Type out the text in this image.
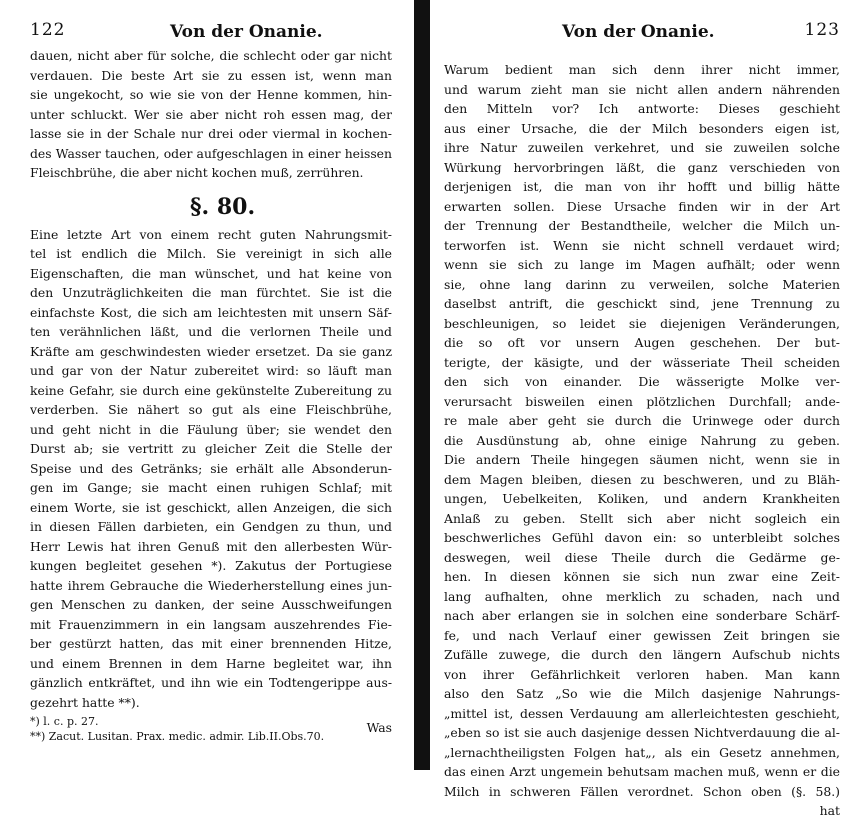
122	Von der Onanie.
dauen, nicht aber für solche, die schlecht oder gar nicht
verdauen. Die beste Art sie zu essen ist, wenn man
sie ungekocht, so wie sie von der Henne kommen, hin-
unter schluckt. Wer sie aber nicht roh essen mag, der
lasse sie in der Schale nur drei oder viermal in kochen-
des Wasser tauchen, oder aufgeschlagen in einer heissen
Fleischbrühe, die aber nicht kochen muß, zerrühren.
§. 80.
Eine letzte Art von einem recht guten Nahrungsmit-
tel ist endlich die Milch. Sie vereinigt in sich alle
Eigenschaften, die man wünschet, und hat keine von
den Unzuträglichkeiten die man fürchtet. Sie ist die
einfachste Kost, die sich am leichtesten mit unsern Säf-
ten verähnlichen läßt, und die verlornen Theile und
Kräfte am geschwindesten wieder ersetzet. Da sie ganz
und gar von der Natur zubereitet wird: so läuft man
keine Gefahr, sie durch eine gekünstelte Zubereitung zu
verderben. Sie nähert so gut als eine Fleischbrühe,
und geht nicht in die Fäulung über; sie wendet den
Durst ab; sie vertritt zu gleicher Zeit die Stelle der
Speise und des Getränks; sie erhält alle Absonderun-
gen im Gange; sie macht einen ruhigen Schlaf; mit
einem Worte, sie ist geschickt, allen Anzeigen, die sich
in diesen Fällen darbieten, ein Gendgen zu thun, und
Herr Lewis hat ihren Genuß mit den allerbesten Wür-
kungen begleitet gesehen *). Zakutus der Portugiese
hatte ihrem Gebrauche die Wiederherstellung eines jun-
gen Menschen zu danken, der seine Ausschweifungen
mit Frauenzimmern in ein langsam auszehrendes Fie-
ber gestürzt hatten, das mit einer brennenden Hitze,
und einem Brennen in dem Harne begleitet war, ihn
gänzlich entkräftet, und ihn wie ein Todtengerippe aus-
gezehrt hatte **).
Was
*) l. c. p. 27.
**) Zacut. Lusitan. Prax. medic. admir. Lib.II.Obs.70.
Von der Onanie.	123
Warum bedient man sich denn ihrer nicht immer,
und warum zieht man sie nicht allen andern nährenden
den Mitteln vor? Ich antworte: Dieses geschieht
aus einer Ursache, die der Milch besonders eigen ist,
ihre Natur zuweilen verkehret, und sie zuweilen solche
Würkung hervorbringen läßt, die ganz verschieden von
derjenigen ist, die man von ihr hofft und billig hätte
erwarten sollen. Diese Ursache finden wir in der Art
der Trennung der Bestandtheile, welcher die Milch un-
terworfen ist. Wenn sie nicht schnell verdauet wird;
wenn sie sich zu lange im Magen aufhält; oder wenn
sie, ohne lang darinn zu verweilen, solche Materien
daselbst antrift, die geschickt sind, jene Trennung zu
beschleunigen, so leidet sie diejenigen Veränderungen,
die so oft vor unsern Augen geschehen. Der but-
terigte, der käsigte, und der wässeriate Theil scheiden
den sich von einander. Die wässerigte Molke ver-
verursacht bisweilen einen plötzlichen Durchfall; ande-
re male aber geht sie durch die Urinwege oder durch
die Ausdünstung ab, ohne einige Nahrung zu geben.
Die andern Theile hingegen säumen nicht, wenn sie in
dem Magen bleiben, diesen zu beschweren, und zu Bläh-
ungen, Uebelkeiten, Koliken, und andern Krankheiten
Anlaß zu geben. Stellt sich aber nicht sogleich ein
beschwerliches Gefühl davon ein: so unterbleibt solches
deswegen, weil diese Theile durch die Gedärme ge-
hen. In diesen können sie sich nun zwar eine Zeit-
lang aufhalten, ohne merklich zu schaden, nach und
nach aber erlangen sie in solchen eine sonderbare Schärf-
fe, und nach Verlauf einer gewissen Zeit bringen sie
Zufälle zuwege, die durch den längern Aufschub nichts
von ihrer Gefährlichkeit verloren haben. Man kann
also den Satz „So wie die Milch dasjenige Nahrungs-
„mittel ist, dessen Verdauung am allerleichtesten geschieht,
„eben so ist sie auch dasjenige dessen Nichtverdauung die al-
„lernachtheiligsten Folgen hat„, als ein Gesetz annehmen,
das einen Arzt ungemein behutsam machen muß, wenn er die
Milch in schweren Fällen verordnet. Schon oben (§. 58.)
hat
